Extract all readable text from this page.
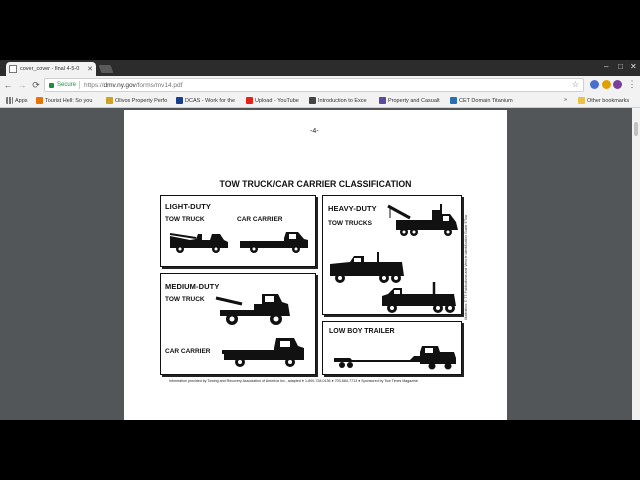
cover_cover - final 4-5-0	✕	– □ ✕
← → ⟳	Secure https://dmv.ny.gov/forms/mv14.pdf	☆	⋮
Apps	Tourist Hell: So you	Olivos Property Perfo	DCAS - Work for the	Upload - YouTube	Introduction to Exce	Property and Casualt	CET Domain Titanium	»	Other bookmarks
-4-
TOW TRUCK/CAR CARRIER CLASSIFICATION
LIGHT-DUTY
TOW TRUCK	CAR CARRIER
HEAVY-DUTY
TOW TRUCKS
MEDIUM-DUTY
TOW TRUCK
CAR CARRIER
LOW BOY TRAILER
Information provided by Towing and Recovery Association of America Inc., adapted ● 1-800-728-0136 ● 703-684-7713 ● Sponsored by Tow Times Magazine.
Illustration: © TT Publications and Vehicle Identification Guide ©Tow
